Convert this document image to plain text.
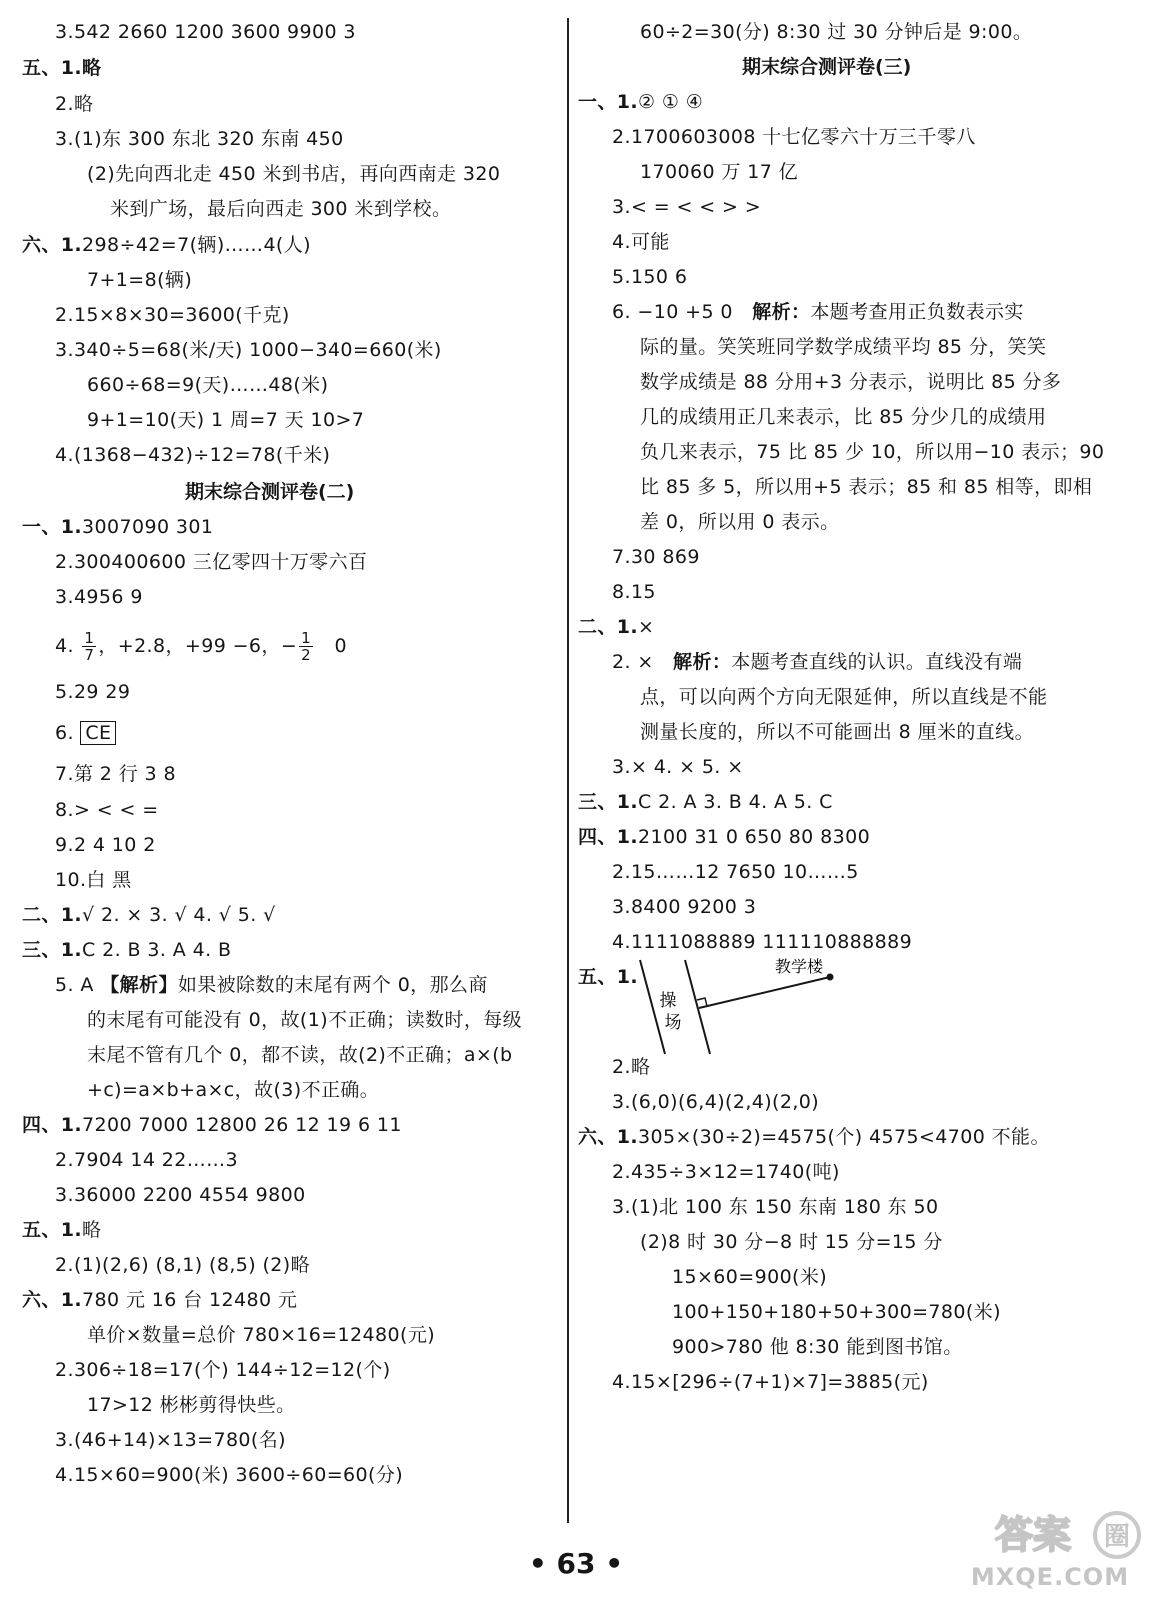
3.542 2660 1200 3600 9900 3
五、1.略
2.略
3.(1)东 300 东北 320 东南 450
(2)先向西北走 450 米到书店，再向西南走 320
米到广场，最后向西走 300 米到学校。
六、1.298÷42=7(辆)……4(人)
7+1=8(辆)
2.15×8×30=3600(千克)
3.340÷5=68(米/天) 1000−340=660(米)
660÷68=9(天)……48(米)
9+1=10(天) 1 周=7 天 10>7
4.(1368−432)÷12=78(千米)
期末综合测评卷(二)
一、1.3007090 301
2.300400600 三亿零四十万零六百
3.4956 9
4. $\frac{1}{7}$ ，+2.8，+99 −6，− $\frac{1}{2} 0$
5.29 29
6. CE
7.第 2 行 3 8
8.> < < =
9.2 4 10 2
10.白 黑
二、1.√ 2. × 3. √ 4. √ 5. √
三、1.C 2. B 3. A 4. B
5. A 【解析】如果被除数的末尾有两个 0，那么商
的末尾有可能没有 0，故(1)不正确；读数时，每级
末尾不管有几个 0，都不读，故(2)不正确；a×(b
+c)=a×b+a×c，故(3)不正确。
四、1.7200 7000 12800 26 12 19 6 11
2.7904 14 22……3
3.36000 2200 4554 9800
五、1.略
2.(1)(2,6) (8,1) (8,5) (2)略
六、1.780 元 16 台 12480 元
单价×数量=总价 780×16=12480(元)
2.306÷18=17(个) 144÷12=12(个)
17>12 彬彬剪得快些。
3.(46+14)×13=780(名)
4.15×60=900(米) 3600÷60=60(分)
60÷2=30(分) 8:30 过 30 分钟后是 9:00。
期末综合测评卷(三)
一、1.② ① ④
2.1700603008 十七亿零六十万三千零八
170060 万 17 亿
3.< = < < > >
4.可能
5.150 6
6. −10 +5 0 解析：本题考查用正负数表示实
际的量。笑笑班同学数学成绩平均 85 分，笑笑
数学成绩是 88 分用+3 分表示，说明比 85 分多
几的成绩用正几来表示，比 85 分少几的成绩用
负几来表示，75 比 85 少 10，所以用−10 表示；90
比 85 多 5，所以用+5 表示；85 和 85 相等，即相
差 0，所以用 0 表示。
7.30 869
8.15
二、1.×
2. × 解析：本题考查直线的认识。直线没有端
点，可以向两个方向无限延伸，所以直线是不能
测量长度的，所以不可能画出 8 厘米的直线。
3.× 4. × 5. ×
三、1.C 2. A 3. B 4. A 5. C
四、1.2100 31 0 650 80 8300
2.15……12 7650 10……5
3.8400 9200 3
4.1111088889 111110888889
五、1.
操
场
教学楼
2.略
3.(6,0)(6,4)(2,4)(2,0)
六、1.305×(30÷2)=4575(个) 4575<4700 不能。
2.435÷3×12=1740(吨)
3.(1)北 100 东 150 东南 180 东 50
(2)8 时 30 分−8 时 15 分=15 分
15×60=900(米)
100+150+180+50+300=780(米)
900>780 他 8:30 能到图书馆。
4.15×[296÷(7+1)×7]=3885(元)
• 63 •
答案 圈
MXQE.COM
